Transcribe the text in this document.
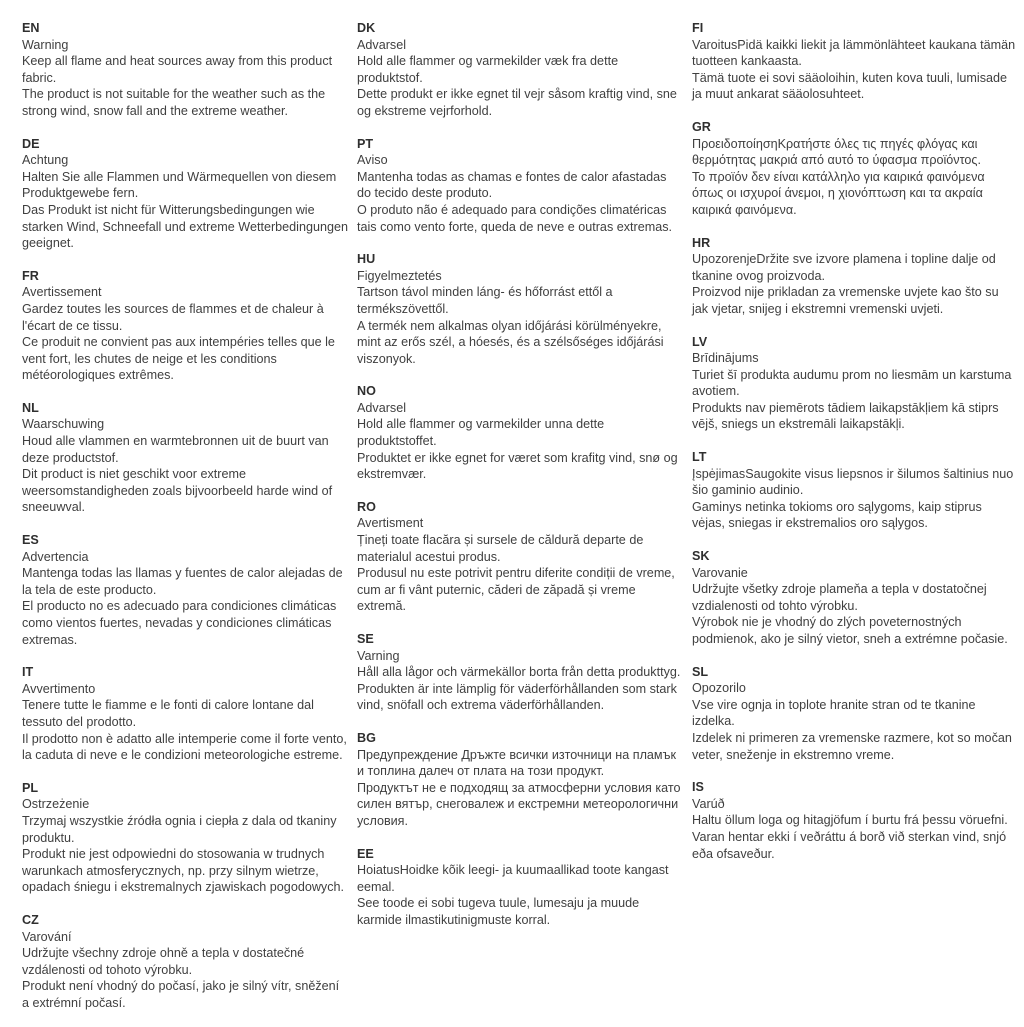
EN

Warning

Keep all flame and heat sources away from this product fabric.

The product is not suitable for the weather such as the strong wind, snow fall and the extreme weather.

DE

Achtung

Halten Sie alle Flammen und Wärmequellen von diesem Produktgewebe fern.

Das Produkt ist nicht für Witterungsbedingungen wie starken Wind, Schneefall und extreme Wetterbedingungen geeignet.

FR

Avertissement

Gardez toutes les sources de flammes et de chaleur à l'écart de ce tissu.

Ce produit ne convient pas aux intempéries telles que le vent fort, les chutes de neige et les conditions météorologiques extrêmes.

NL

Waarschuwing

Houd alle vlammen en warmtebronnen uit de buurt van deze productstof.

Dit product is niet geschikt voor extreme weersomstandigheden zoals bijvoorbeeld harde wind of sneeuwval.

ES

Advertencia

Mantenga todas las llamas y fuentes de calor alejadas de la tela de este producto.

El producto no es adecuado para condiciones climáticas como vientos fuertes, nevadas y condiciones climáticas extremas.

IT

Avvertimento

Tenere tutte le fiamme e le fonti di calore lontane dal tessuto del prodotto.

Il prodotto non è adatto alle intemperie come il forte vento, la caduta di neve e le condizioni meteorologiche estreme.

PL

Ostrzeżenie

Trzymaj wszystkie źródła ognia i ciepła z dala od tkaniny produktu.

Produkt nie jest odpowiedni do stosowania w trudnych warunkach atmosferycznych, np. przy silnym wietrze, opadach śniegu i ekstremalnych zjawiskach pogodowych.

CZ

Varování

Udržujte všechny zdroje ohně a tepla v dostatečné vzdálenosti od tohoto výrobku.

Produkt není vhodný do počasí, jako je silný vítr, sněžení a extrémní počasí.

DK

Advarsel

Hold alle flammer og varmekilder væk fra dette produktstof.

Dette produkt er ikke egnet til vejr såsom kraftig vind, sne og ekstreme vejrforhold.

PT

Aviso

Mantenha todas as chamas e fontes de calor afastadas do tecido deste produto.

O produto não é adequado para condições climatéricas tais como vento forte, queda de neve e outras extremas.

HU

Figyelmeztetés

Tartson távol minden láng- és hőforrást ettől a termékszövettől.

A termék nem alkalmas olyan időjárási körülményekre, mint az erős szél, a hóesés, és a szélsőséges időjárási viszonyok.

NO

Advarsel

Hold alle flammer og varmekilder unna dette produktstoffet.

Produktet er ikke egnet for været som krafitg vind, snø og ekstremvær.

RO

Avertisment

Țineți toate flacăra și sursele de căldură departe de materialul acestui produs.

Produsul nu este potrivit pentru diferite condiții de vreme, cum ar fi vânt puternic, căderi de zăpadă și vreme extremă.

SE

Varning

Håll alla lågor och värmekällor borta från detta produkttyg.

Produkten är inte lämplig för väderförhållanden som stark vind, snöfall och extrema väderförhållanden.

BG

Предупреждение Дръжте всички източници на пламък и топлина далеч от плата на този продукт.

Продуктът не е подходящ за атмосферни условия като силен вятър, снеговалеж и екстремни метеорологични условия.

EE

HoiatusHoidke kõik leegi- ja kuumaallikad toote kangast eemal.

See toode ei sobi tugeva tuule, lumesaju ja muude karmide ilmastikutinigmuste korral.

FI

VaroitusPidä kaikki liekit ja lämmönlähteet kaukana tämän tuotteen kankaasta.

Tämä tuote ei sovi sääoloihin, kuten kova tuuli, lumisade ja muut ankarat sääolosuhteet.

GR

ΠροειδοποίησηΚρατήστε όλες τις πηγές φλόγας και θερμότητας μακριά από αυτό το ύφασμα προϊόντος.

Το προϊόν δεν είναι κατάλληλο για καιρικά φαινόμενα όπως οι ισχυροί άνεμοι, η χιονόπτωση και τα ακραία καιρικά φαινόμενα.

HR

UpozorenjeDržite sve izvore plamena i topline dalje od tkanine ovog proizvoda.

Proizvod nije prikladan za vremenske uvjete kao što su jak vjetar, snijeg i ekstremni vremenski uvjeti.

LV

Brīdinājums

Turiet šī produkta audumu prom no liesmām un karstuma avotiem.

Produkts nav piemērots tādiem laikapstākļiem kā stiprs vējš, sniegs un ekstremāli laikapstākļi.

LT

ĮspėjimasSaugokite visus liepsnos ir šilumos šaltinius nuo šio gaminio audinio.

Gaminys netinka tokioms oro sąlygoms, kaip stiprus vėjas, sniegas ir ekstremalios oro sąlygos.

SK

Varovanie

Udržujte všetky zdroje plameňa a tepla v dostatočnej vzdialenosti od tohto výrobku.

Výrobok nie je vhodný do zlých poveternostných podmienok, ako je silný vietor, sneh a extrémne počasie.

SL

Opozorilo

Vse vire ognja in toplote hranite stran od te tkanine izdelka.

Izdelek ni primeren za vremenske razmere, kot so močan veter, sneženje in ekstremno vreme.

IS

Varúð

Haltu öllum loga og hitagjöfum í burtu frá þessu vöruefni.

Varan hentar ekki í veðráttu á borð við sterkan vind, snjó eða ofsaveður.
